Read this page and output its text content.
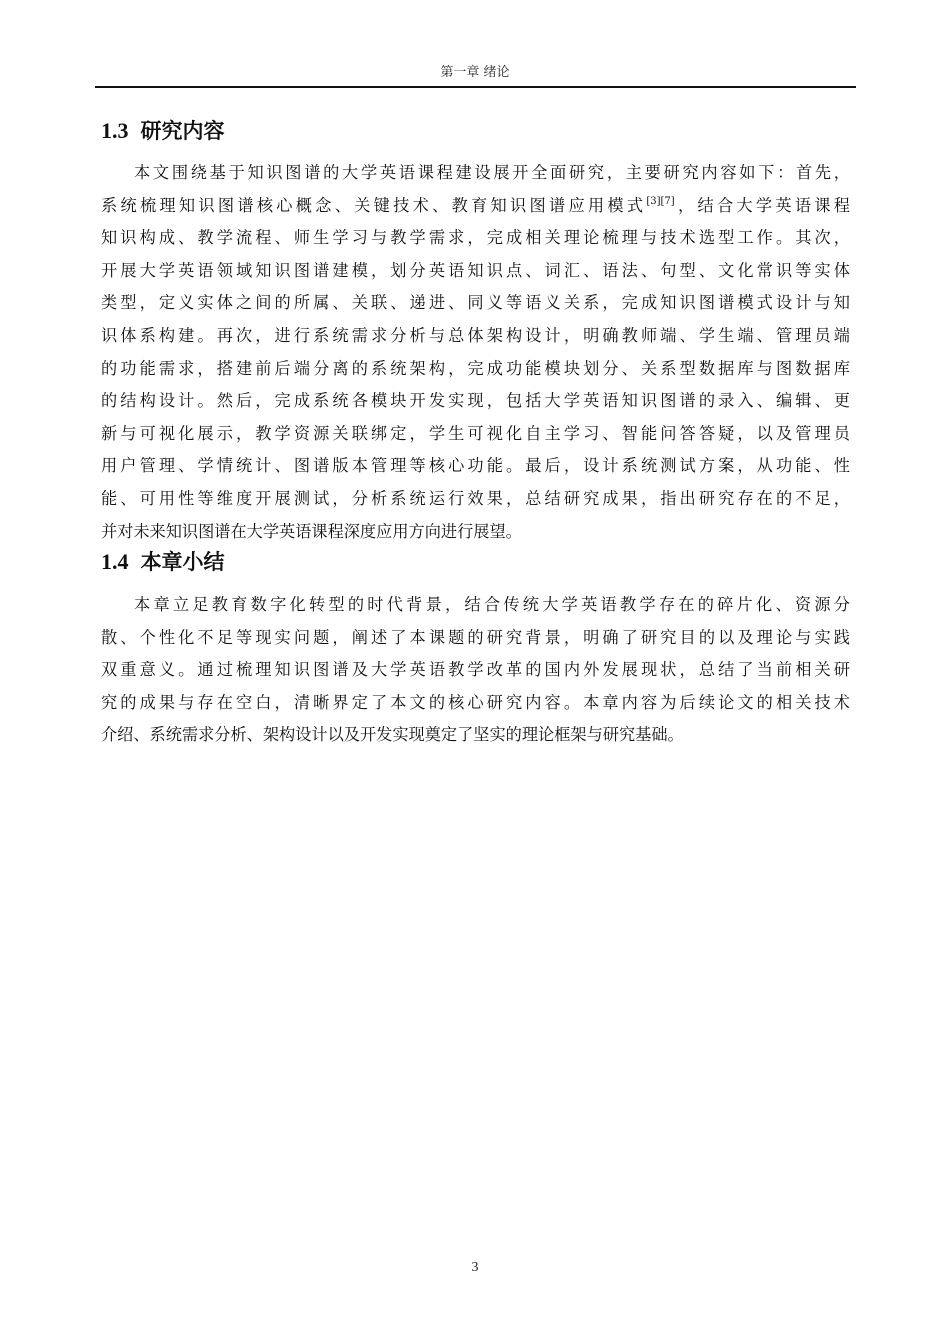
第一章 绪论
1.3 研究内容
本文围绕基于知识图谱的大学英语课程建设展开全面研究，主要研究内容如下：首先，
系统梳理知识图谱核心概念、关键技术、教育知识图谱应用模式[3][7]，结合大学英语课程
知识构成、教学流程、师生学习与教学需求，完成相关理论梳理与技术选型工作。其次，
开展大学英语领域知识图谱建模，划分英语知识点、词汇、语法、句型、文化常识等实体
类型，定义实体之间的所属、关联、递进、同义等语义关系，完成知识图谱模式设计与知
识体系构建。再次，进行系统需求分析与总体架构设计，明确教师端、学生端、管理员端
的功能需求，搭建前后端分离的系统架构，完成功能模块划分、关系型数据库与图数据库
的结构设计。然后，完成系统各模块开发实现，包括大学英语知识图谱的录入、编辑、更
新与可视化展示，教学资源关联绑定，学生可视化自主学习、智能问答答疑，以及管理员
用户管理、学情统计、图谱版本管理等核心功能。最后，设计系统测试方案，从功能、性
能、可用性等维度开展测试，分析系统运行效果，总结研究成果，指出研究存在的不足，
并对未来知识图谱在大学英语课程深度应用方向进行展望。
1.4 本章小结
本章立足教育数字化转型的时代背景，结合传统大学英语教学存在的碎片化、资源分
散、个性化不足等现实问题，阐述了本课题的研究背景，明确了研究目的以及理论与实践
双重意义。通过梳理知识图谱及大学英语教学改革的国内外发展现状，总结了当前相关研
究的成果与存在空白，清晰界定了本文的核心研究内容。本章内容为后续论文的相关技术
介绍、系统需求分析、架构设计以及开发实现奠定了坚实的理论框架与研究基础。
3
